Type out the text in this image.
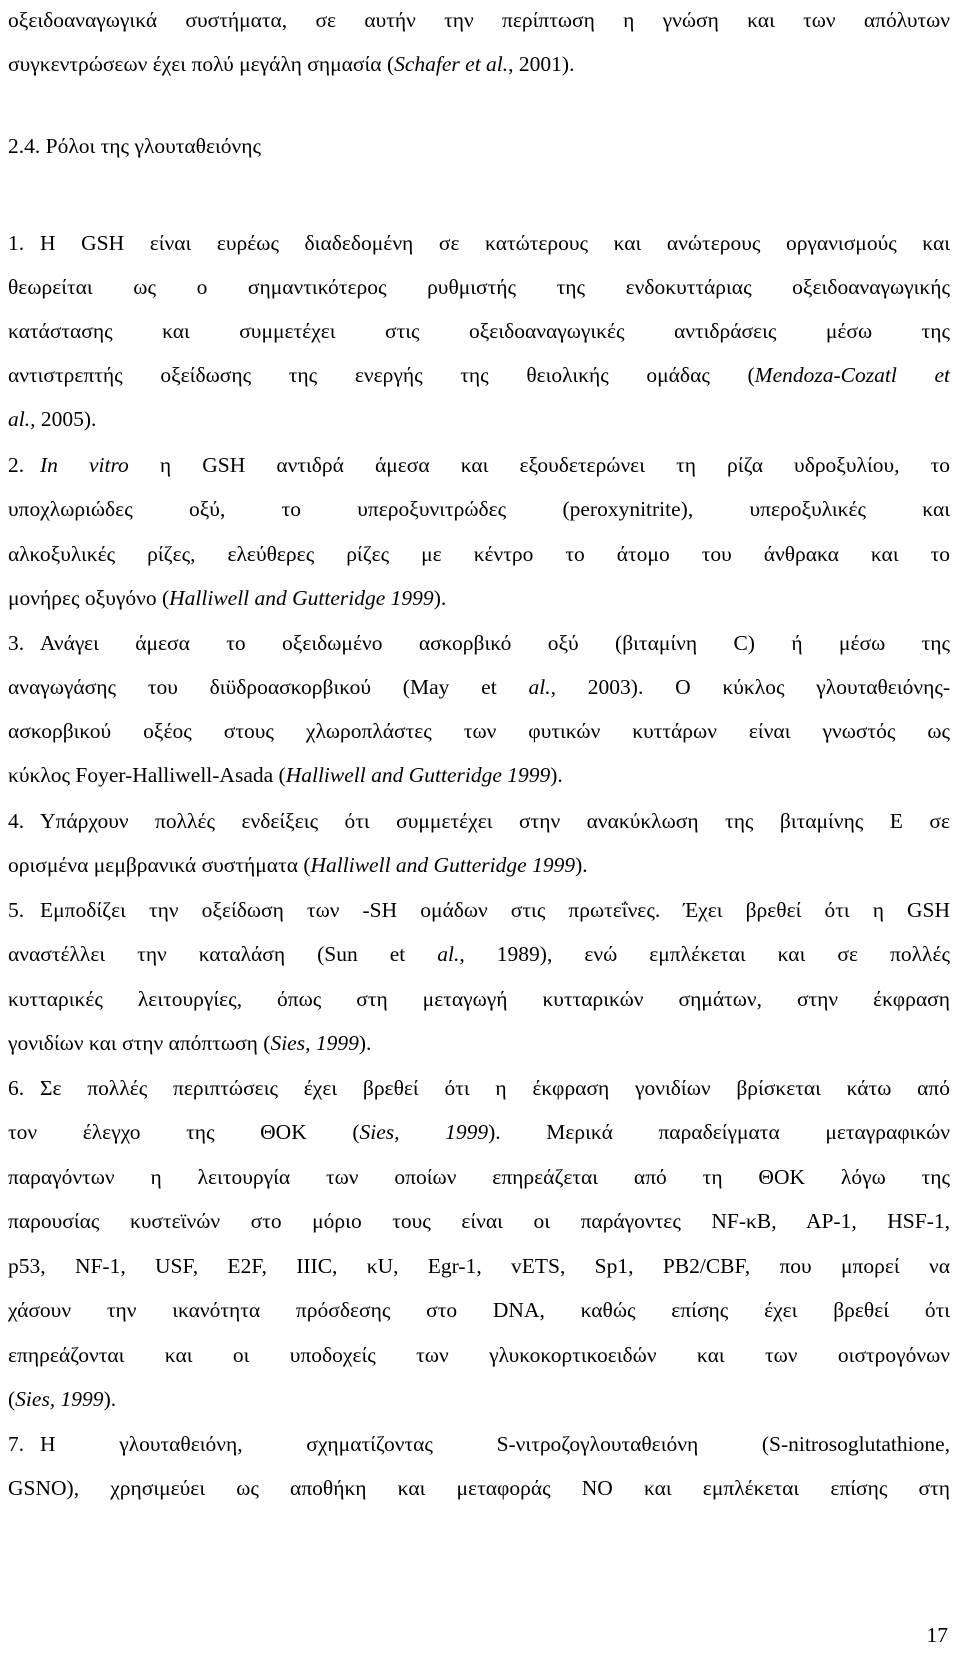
οξειδοαναγωγικά συστήματα, σε αυτήν την περίπτωση η γνώση και των απόλυτων
συγκεντρώσεων έχει πολύ μεγάλη σημασία (Schafer et al., 2001).
2.4. Ρόλοι της γλουταθειόνης
1. Η GSH είναι ευρέως διαδεδομένη σε κατώτερους και ανώτερους οργανισμούς και
θεωρείται ως ο σημαντικότερος ρυθμιστής της ενδοκυττάριας οξειδοαναγωγικής
κατάστασης και συμμετέχει στις οξειδοαναγωγικές αντιδράσεις μέσω της
αντιστρεπτής οξείδωσης της ενεργής της θειολικής ομάδας (Mendoza-Cozatl et
al., 2005).
2. In vitro η GSH αντιδρά άμεσα και εξουδετερώνει τη ρίζα υδροξυλίου, το
υποχλωριώδες οξύ, το υπεροξυνιτρώδες (peroxynitrite), υπεροξυλικές και
αλκοξυλικές ρίζες, ελεύθερες ρίζες με κέντρο το άτομο του άνθρακα και το
μονήρες οξυγόνο (Halliwell and Gutteridge 1999).
3. Ανάγει άμεσα το οξειδωμένο ασκορβικό οξύ (βιταμίνη C) ή μέσω της
αναγωγάσης του διϋδροασκορβικού (May et al., 2003). Ο κύκλος γλουταθειόνης-
ασκορβικού οξέος στους χλωροπλάστες των φυτικών κυττάρων είναι γνωστός ως
κύκλος Foyer-Halliwell-Asada (Halliwell and Gutteridge 1999).
4. Υπάρχουν πολλές ενδείξεις ότι συμμετέχει στην ανακύκλωση της βιταμίνης Ε σε
ορισμένα μεμβρανικά συστήματα (Halliwell and Gutteridge 1999).
5. Εμποδίζει την οξείδωση των -SH ομάδων στις πρωτεΐνες. Έχει βρεθεί ότι η GSH
αναστέλλει την καταλάση (Sun et al., 1989), ενώ εμπλέκεται και σε πολλές
κυτταρικές λειτουργίες, όπως στη μεταγωγή κυτταρικών σημάτων, στην έκφραση
γονιδίων και στην απόπτωση (Sies, 1999).
6. Σε πολλές περιπτώσεις έχει βρεθεί ότι η έκφραση γονιδίων βρίσκεται κάτω από
τον έλεγχο της ΘΟΚ (Sies, 1999). Μερικά παραδείγματα μεταγραφικών
παραγόντων η λειτουργία των οποίων επηρεάζεται από τη ΘΟΚ λόγω της
παρουσίας κυστεϊνών στο μόριο τους είναι οι παράγοντες NF-κB, AP-1, HSF-1,
p53, NF-1, USF, E2F, IIIC, κU, Egr-1, vETS, Sp1, PB2/CBF, που μπορεί να
χάσουν την ικανότητα πρόσδεσης στο DNA, καθώς επίσης έχει βρεθεί ότι
επηρεάζονται και οι υποδοχείς των γλυκοκορτικοειδών και των οιστρογόνων
(Sies, 1999).
7. Η γλουταθειόνη, σχηματίζοντας S-νιτροζογλουταθειόνη (S-nitrosoglutathione,
GSNO), χρησιμεύει ως αποθήκη και μεταφοράς NO και εμπλέκεται επίσης στη
17
